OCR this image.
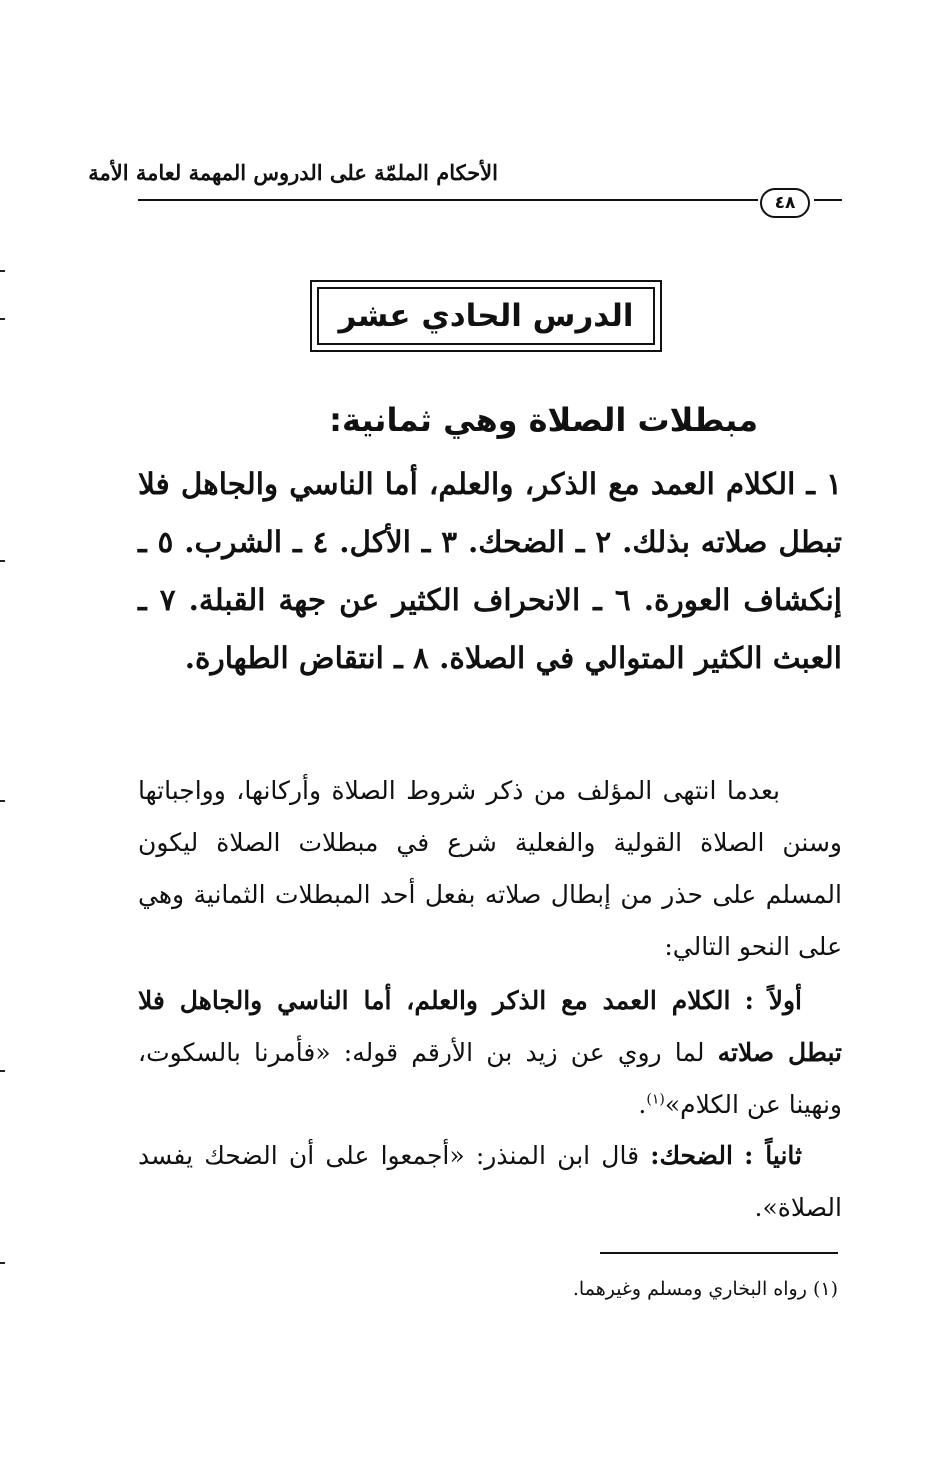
الأحكام الملمّة على الدروس المهمة لعامة الأمة
٤٨
الدرس الحادي عشر
مبطلات الصلاة وهي ثمانية:
١ ـ الكلام العمد مع الذكر، والعلم، أما الناسي والجاهل فلا تبطل صلاته بذلك. ٢ ـ الضحك. ٣ ـ الأكل. ٤ ـ الشرب. ٥ ـ إنكشاف العورة. ٦ ـ الانحراف الكثير عن جهة القبلة. ٧ ـ العبث الكثير المتوالي في الصلاة. ٨ ـ انتقاض الطهارة.
بعدما انتهى المؤلف من ذكر شروط الصلاة وأركانها، وواجباتها وسنن الصلاة القولية والفعلية شرع في مبطلات الصلاة ليكون المسلم على حذر من إبطال صلاته بفعل أحد المبطلات الثمانية وهي على النحو التالي:
أولاً : الكلام العمد مع الذكر والعلم، أما الناسي والجاهل فلا تبطل صلاته لما روي عن زيد بن الأرقم قوله: «فأمرنا بالسكوت، ونهينا عن الكلام»$^{(١)}$.
ثانياً : الضحك: قال ابن المنذر: «أجمعوا على أن الضحك يفسد الصلاة».
(١) رواه البخاري ومسلم وغيرهما.
